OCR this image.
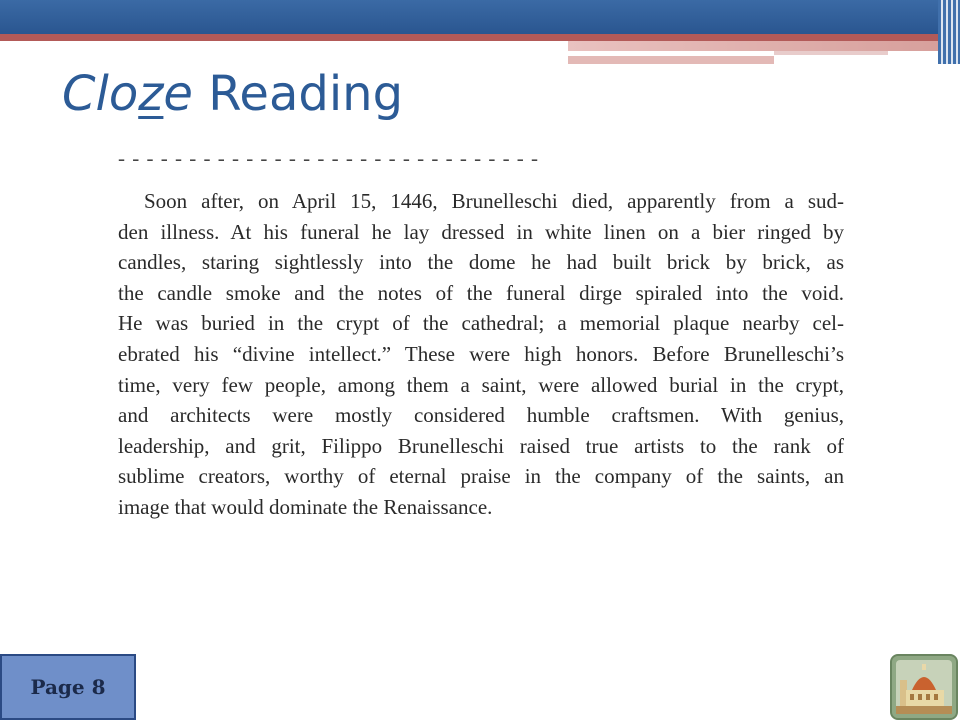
Cloze Reading
- - - - - - - - - - - - - - - - - - - - - - - - - - - - - -

Soon after, on April 15, 1446, Brunelleschi died, apparently from a sud-
den illness. At his funeral he lay dressed in white linen on a bier ringed by
candles, staring sightlessly into the dome he had built brick by brick, as
the candle smoke and the notes of the funeral dirge spiraled into the void.
He was buried in the crypt of the cathedral; a memorial plaque nearby cel-
ebrated his “divine intellect.” These were high honors. Before Brunelleschi’s
time, very few people, among them a saint, were allowed burial in the crypt,
and architects were mostly considered humble craftsmen. With genius,
leadership, and grit, Filippo Brunelleschi raised true artists to the rank of
sublime creators, worthy of eternal praise in the company of the saints, an
image that would dominate the Renaissance.

Page 8
